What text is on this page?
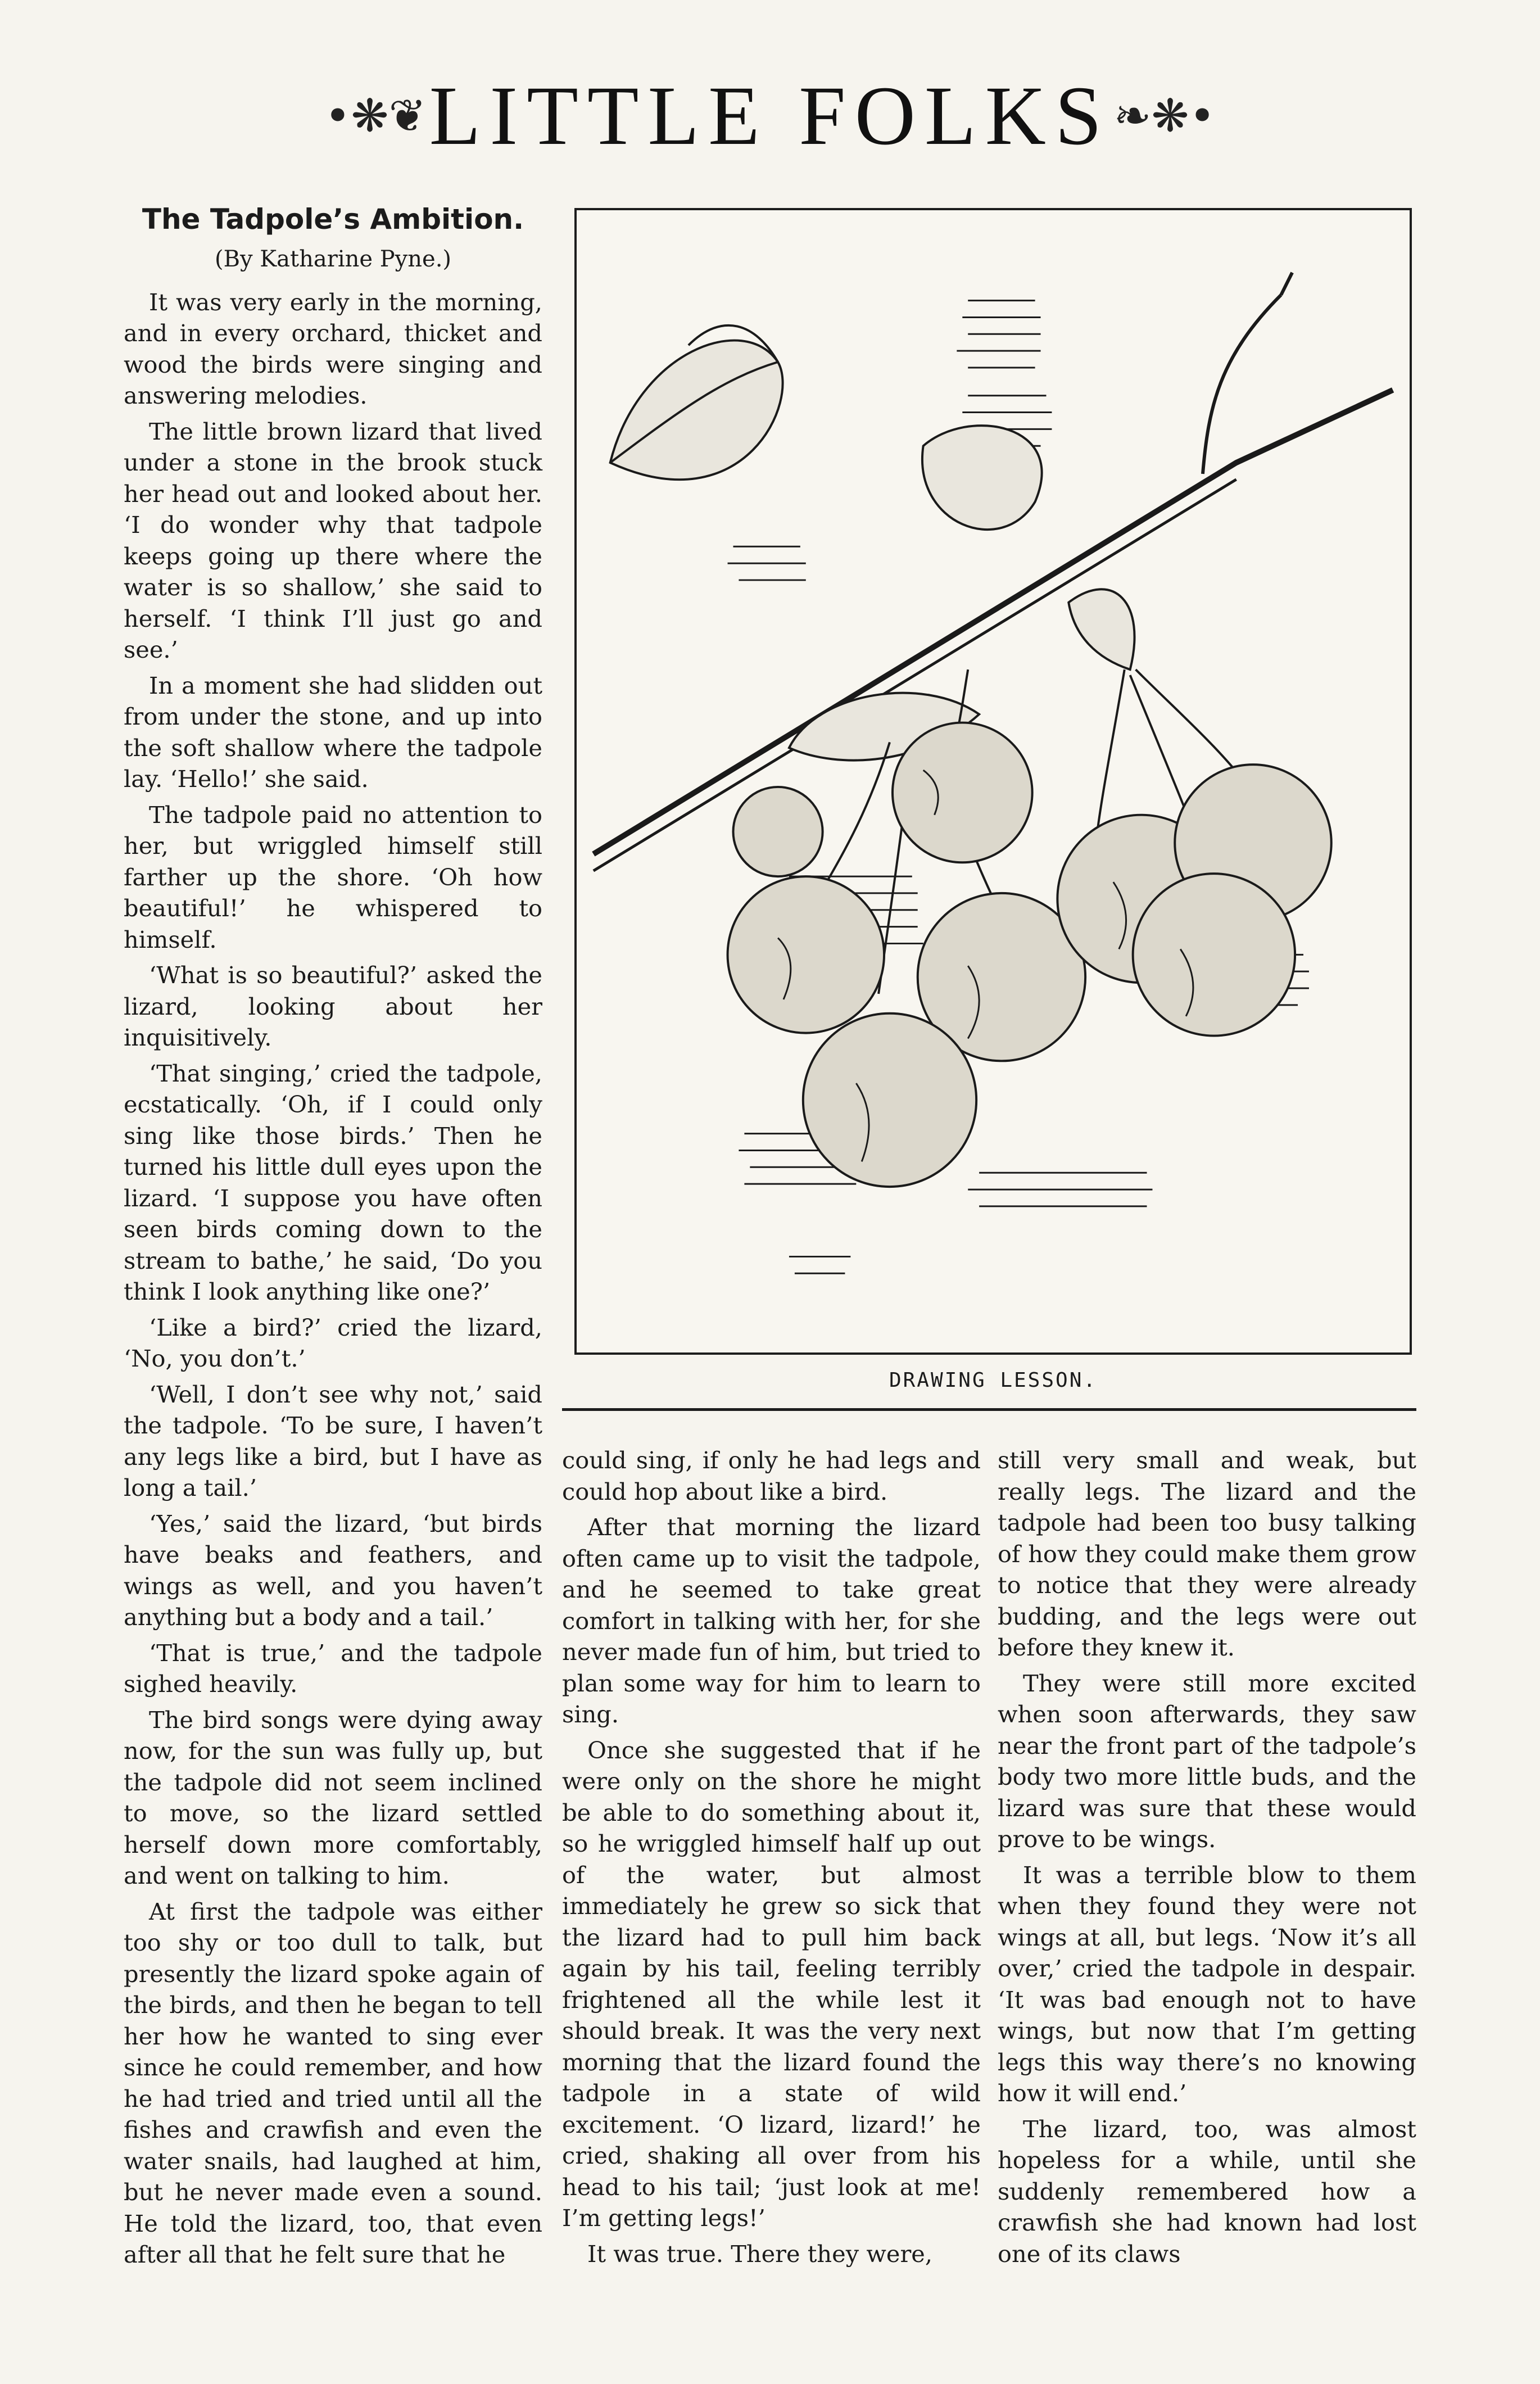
•❋❦ LITTLE FOLKS ❧❋•
The Tadpole’s Ambition.
(By Katharine Pyne.)

It was very early in the morning, and in every orchard, thicket and wood the birds were singing and answering melodies.

The little brown lizard that lived under a stone in the brook stuck her head out and looked about her. ‘I do wonder why that tadpole keeps going up there where the water is so shallow,’ she said to herself. ‘I think I’ll just go and see.’

In a moment she had slidden out from under the stone, and up into the soft shallow where the tadpole lay. ‘Hello!’ she said.

The tadpole paid no attention to her, but wriggled himself still farther up the shore. ‘Oh how beautiful!’ he whispered to himself.

‘What is so beautiful?’ asked the lizard, looking about her inquisitively.

‘That singing,’ cried the tadpole, ecstatically. ‘Oh, if I could only sing like those birds.’ Then he turned his little dull eyes upon the lizard. ‘I suppose you have often seen birds coming down to the stream to bathe,’ he said, ‘Do you think I look anything like one?’

‘Like a bird?’ cried the lizard, ‘No, you don’t.’

‘Well, I don’t see why not,’ said the tadpole. ‘To be sure, I haven’t any legs like a bird, but I have as long a tail.’

‘Yes,’ said the lizard, ‘but birds have beaks and feathers, and wings as well, and you haven’t anything but a body and a tail.’

‘That is true,’ and the tadpole sighed heavily.

The bird songs were dying away now, for the sun was fully up, but the tadpole did not seem inclined to move, so the lizard settled herself down more comfortably, and went on talking to him.

At first the tadpole was either too shy or too dull to talk, but presently the lizard spoke again of the birds, and then he began to tell her how he wanted to sing ever since he could remember, and how he had tried and tried until all the fishes and crawfish and even the water snails, had laughed at him, but he never made even a sound. He told the lizard, too, that even after all that he felt sure that he

DRAWING LESSON.

could sing, if only he had legs and could hop about like a bird.

After that morning the lizard often came up to visit the tadpole, and he seemed to take great comfort in talking with her, for she never made fun of him, but tried to plan some way for him to learn to sing.

Once she suggested that if he were only on the shore he might be able to do something about it, so he wriggled himself half up out of the water, but almost immediately he grew so sick that the lizard had to pull him back again by his tail, feeling terribly frightened all the while lest it should break. It was the very next morning that the lizard found the tadpole in a state of wild excitement. ‘O lizard, lizard!’ he cried, shaking all over from his head to his tail; ‘just look at me! I’m getting legs!’

It was true. There they were,

still very small and weak, but really legs. The lizard and the tadpole had been too busy talking of how they could make them grow to notice that they were already budding, and the legs were out before they knew it.

They were still more excited when soon afterwards, they saw near the front part of the tadpole’s body two more little buds, and the lizard was sure that these would prove to be wings.

It was a terrible blow to them when they found they were not wings at all, but legs. ‘Now it’s all over,’ cried the tadpole in despair. ‘It was bad enough not to have wings, but now that I’m getting legs this way there’s no knowing how it will end.’

The lizard, too, was almost hopeless for a while, until she suddenly remembered how a crawfish she had known had lost one of its claws
